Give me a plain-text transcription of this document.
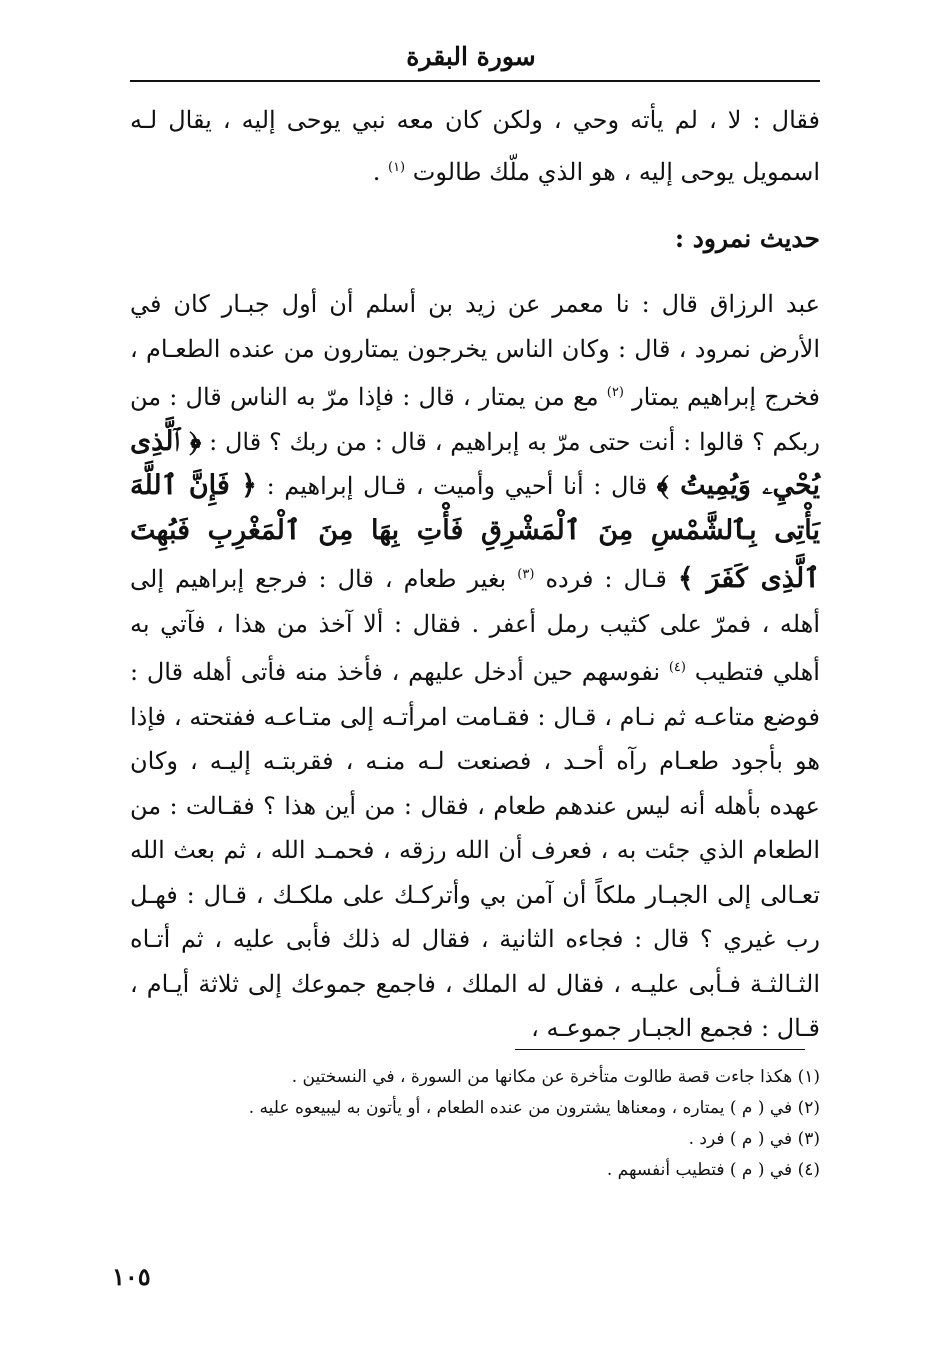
سورة البقرة
فقال : لا ، لم يأته وحي ، ولكن كان معه نبي يوحى إليه ، يقال لـه اسمويل يوحى إليه ، هو الذي ملّك طالوت $^{(١)}$ .
حديث نمرود :
عبد الرزاق قال : نا معمر عن زيد بن أسلم أن أول جبـار كان في الأرض نمرود ، قال : وكان الناس يخرجون يمتارون من عنده الطعـام ، فخرج إبراهيم يمتار $^{(٢)}$ مع من يمتار ، قال : فإذا مرّ به الناس قال : من ربكم ؟ قالوا : أنت حتى مرّ به إبراهيم ، قال : من ربك ؟ قال : ﴿ ٱلَّذِى يُحْيِۦ وَيُمِيتُ ﴾ قال : أنا أحيي وأميت ، قـال إبراهيم : ﴿ فَإِنَّ ٱللَّهَ يَأْتِى بِٱلشَّمْسِ مِنَ ٱلْمَشْرِقِ فَأْتِ بِهَا مِنَ ٱلْمَغْرِبِ فَبُهِتَ ٱلَّذِى كَفَرَ ﴾ قـال : فرده $^{(٣)}$ بغير طعام ، قال : فرجع إبراهيم إلى أهله ، فمرّ على كثيب رمل أعفر . فقال : ألا آخذ من هذا ، فآتي به أهلي فتطيب $^{(٤)}$ نفوسهم حين أدخل عليهم ، فأخذ منه فأتى أهله قال : فوضع متاعـه ثم نـام ، قـال : فقـامت امرأتـه إلى متـاعـه ففتحته ، فإذا هو بأجود طعـام رآه أحـد ، فصنعت لـه منـه ، فقربتـه إليـه ، وكان عهده بأهله أنه ليس عندهم طعام ، فقال : من أين هذا ؟ فقـالت : من الطعام الذي جئت به ، فعرف أن الله رزقه ، فحمـد الله ، ثم بعث الله تعـالى إلى الجبـار ملكاً أن آمن بي وأتركـك على ملكـك ، قـال : فهـل رب غيري ؟ قال : فجاءه الثانية ، فقال له ذلك فأبى عليه ، ثم أتـاه الثـالثـة فـأبى عليـه ، فقال له الملك ، فاجمع جموعك إلى ثلاثة أيـام ، قـال : فجمع الجبـار جموعـه ،
(١) هكذا جاءت قصة طالوت متأخرة عن مكانها من السورة ، في النسختين .
(٢) في ( م ) يمتاره ، ومعناها يشترون من عنده الطعام ، أو يأتون به ليبيعوه عليه .
(٣) في ( م ) فرد .
(٤) في ( م ) فتطيب أنفسهم .
١٠٥
